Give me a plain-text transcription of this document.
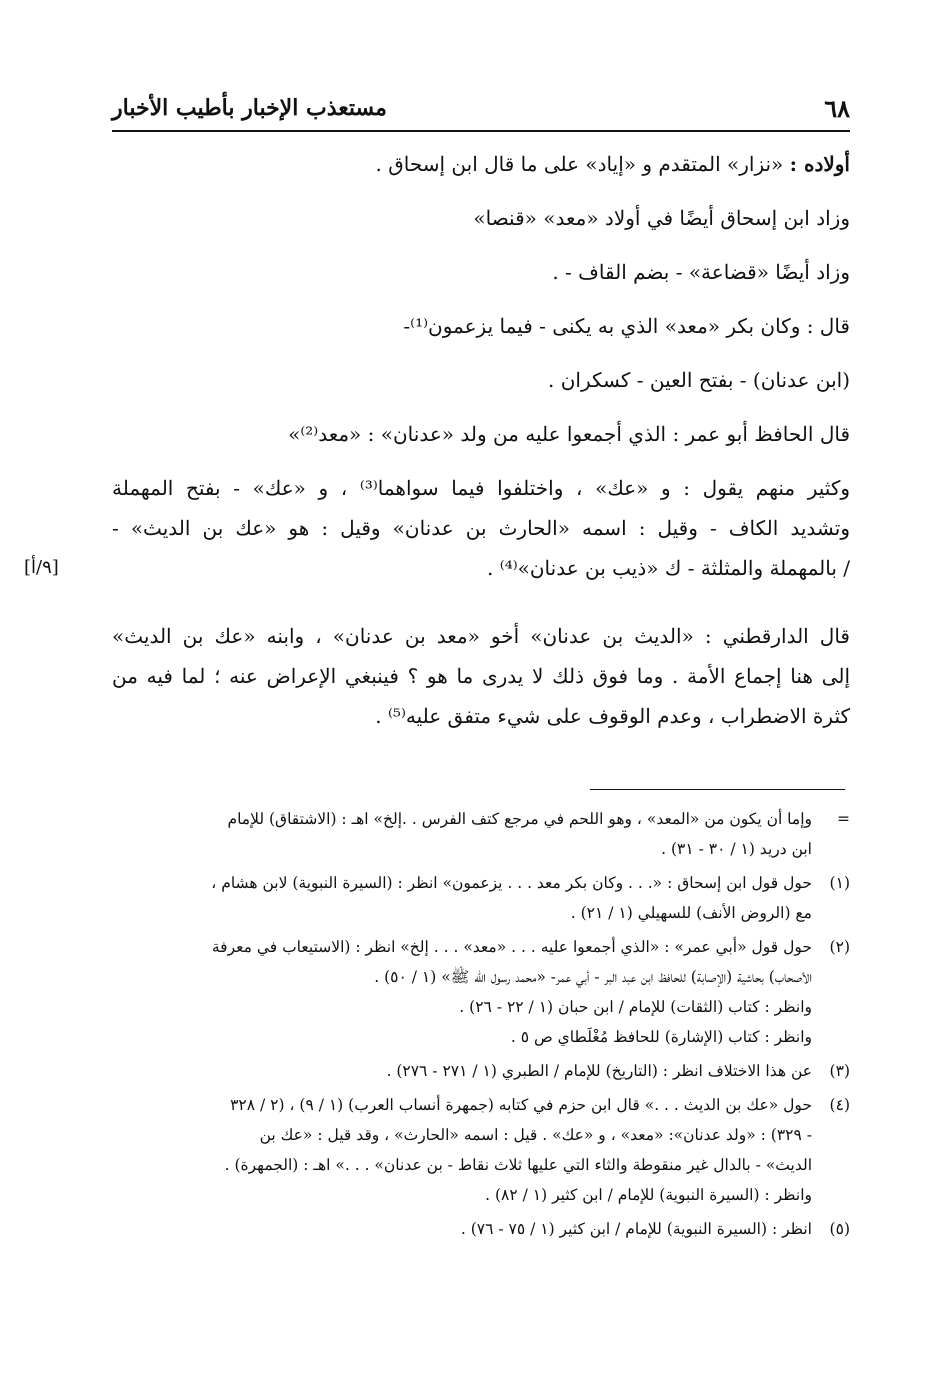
٦٨
مستعذب الإخبار بأطيب الأخبار
أولاده : «نزار» المتقدم و «إياد» على ما قال ابن إسحاق .
وزاد ابن إسحاق أيضًا في أولاد «معد» «قنصا»
وزاد أيضًا «قضاعة» - بضم القاف - .
قال : وكان بكر «معد» الذي به يكنى - فيما يزعمون⁽¹⁾-
(ابن عدنان) - بفتح العين - كسكران .
قال الحافظ أبو عمر : الذي أجمعوا عليه من ولد «عدنان» : «معد⁽²⁾»
وكثير منهم يقول : و «عك» ، واختلفوا فيما سواهما⁽³⁾ ، و «عك» - بفتح المهملة
وتشديد الكاف - وقيل : اسمه «الحارث بن عدنان» وقيل : هو «عك بن الديث» -
/ بالمهملة والمثلثة - ك «ذيب بن عدنان»⁽⁴⁾ .
[٩/أ]
قال الدارقطني : «الديث بن عدنان» أخو «معد بن عدنان» ، وابنه «عك بن الديث»
إلى هنا إجماع الأمة . وما فوق ذلك لا يدرى ما هو ؟ فينبغي الإعراض عنه ؛ لما فيه من
كثرة الاضطراب ، وعدم الوقوف على شيء متفق عليه⁽⁵⁾ .
=
وإما أن يكون من «المعد» ، وهو اللحم في مرجع كتف الفرس . .إلخ» اهـ : (الاشتقاق) للإمام
ابن دريد (١ / ٣٠ - ٣١) .
(١)
حول قول ابن إسحاق : «. . . وكان بكر معد . . . يزعمون» انظر : (السيرة النبوية) لابن هشام ،
مع (الروض الأنف) للسهيلي (١ / ٢١) .
(٢)
حول قول «أبي عمر» : «الذي أجمعوا عليه . . . «معد» . . . إلخ» انظر : (الاستيعاب في معرفة
الأصحاب) بحاشية (الإصابة) للحافظ ابن عبد البر - أبي عمر- «محمد رسول الله ﷺ» (١ / ٥٠) .
وانظر : كتاب (الثقات) للإمام / ابن حبان (١ / ٢٢ - ٢٦) .
وانظر : كتاب (الإشارة) للحافظ مُغْلَطاي ص ٥ .
(٣)
عن هذا الاختلاف انظر : (التاريخ) للإمام / الطبري (١ / ٢٧١ - ٢٧٦) .
(٤)
حول «عك بن الديث . . .» قال ابن حزم في كتابه (جمهرة أنساب العرب) (١ / ٩) ، (٢ / ٣٢٨
- ٣٢٩) : «ولد عدنان»: «معد» ، و «عك» . قيل : اسمه «الحارث» ، وقد قيل : «عك بن
الديث» - بالدال غير منقوطة والثاء التي عليها ثلاث نقاط - بن عدنان» . . .» اهـ : (الجمهرة) .
وانظر : (السيرة النبوية) للإمام / ابن كثير (١ / ٨٢) .
(٥)
انظر : (السيرة النبوية) للإمام / ابن كثير (١ / ٧٥ - ٧٦) .
